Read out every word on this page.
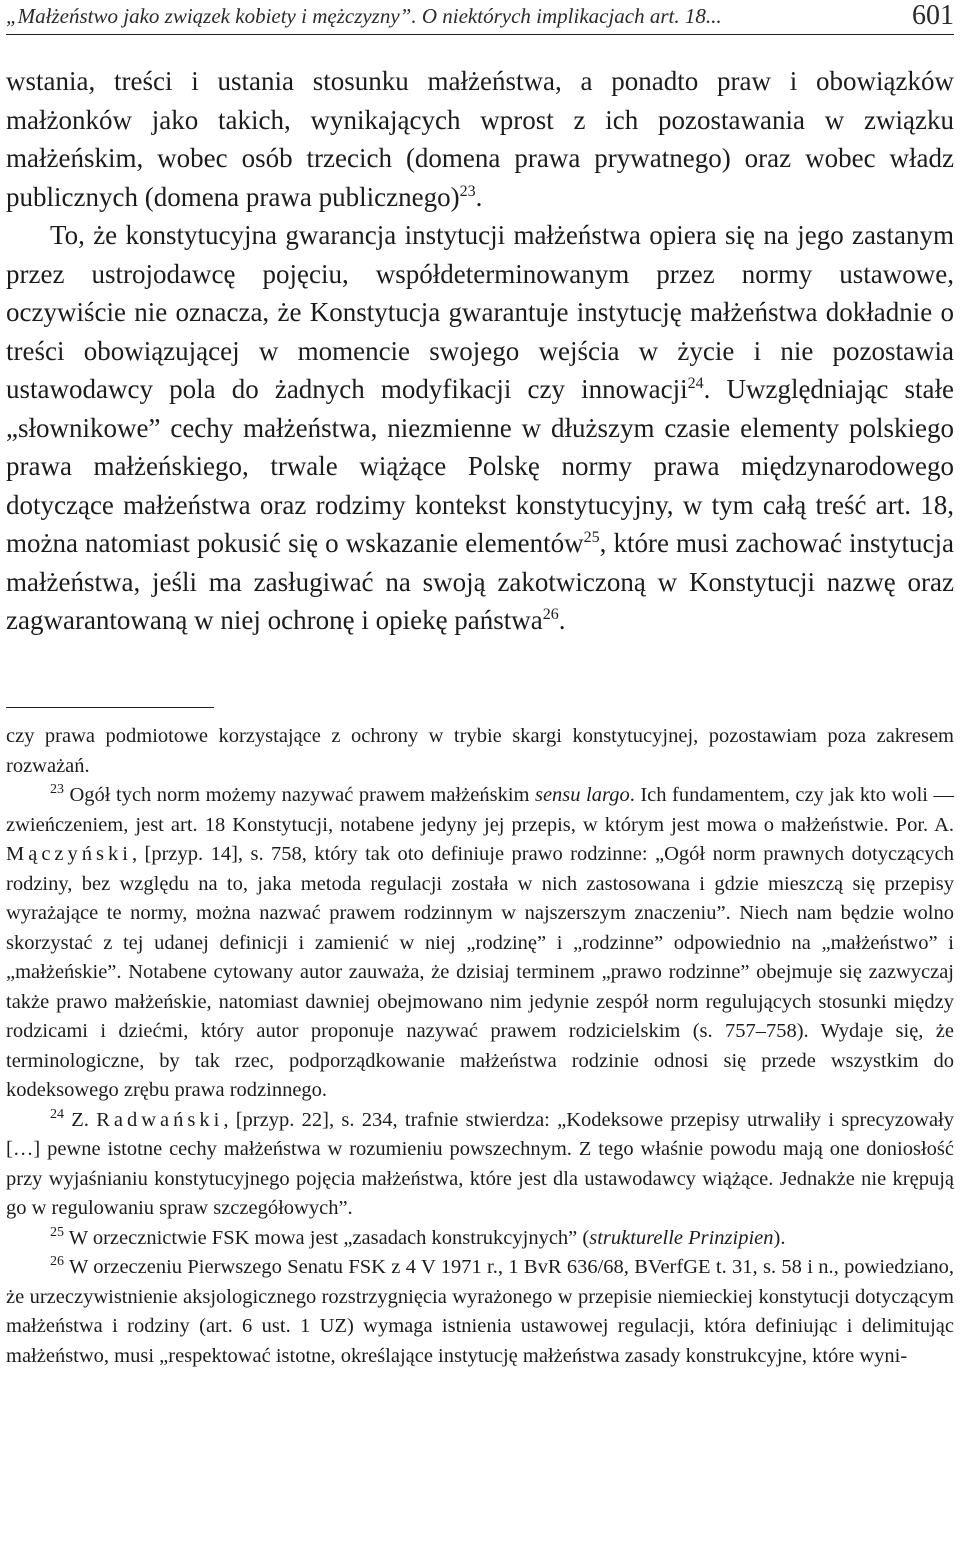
„Małżeństwo jako związek kobiety i mężczyzny”. O niektórych implikacjach art. 18...	601

wstania, treści i ustania stosunku małżeństwa, a ponadto praw i obowiązków małżonków jako takich, wynikających wprost z ich pozostawania w związku małżeńskim, wobec osób trzecich (domena prawa prywatnego) oraz wobec władz publicznych (domena prawa publicznego)$^{23}$.

To, że konstytucyjna gwarancja instytucji małżeństwa opiera się na jego zastanym przez ustrojodawcę pojęciu, współdeterminowanym przez normy ustawowe, oczywiście nie oznacza, że Konstytucja gwarantuje instytucję małżeństwa dokładnie o treści obowiązującej w momencie swojego wejścia w życie i nie pozostawia ustawodawcy pola do żadnych modyfikacji czy innowacji$^{24}$. Uwzględniając stałe „słownikowe” cechy małżeństwa, niezmienne w dłuższym czasie elementy polskiego prawa małżeńskiego, trwale wiążące Polskę normy prawa międzynarodowego dotyczące małżeństwa oraz rodzimy kontekst konstytucyjny, w tym całą treść art. 18, można natomiast pokusić się o wskazanie elementów$^{25}$, które musi zachować instytucja małżeństwa, jeśli ma zasługiwać na swoją zakotwiczoną w Konstytucji nazwę oraz zagwarantowaną w niej ochronę i opiekę państwa$^{26}$.

czy prawa podmiotowe korzystające z ochrony w trybie skargi konstytucyjnej, pozostawiam poza zakresem rozważań.

$^{23}$ Ogół tych norm możemy nazywać prawem małżeńskim sensu largo. Ich fundamentem, czy jak kto woli —zwieńczeniem, jest art. 18 Konstytucji, notabene jedyny jej przepis, w którym jest mowa o małżeństwie. Por. A. Mączyński, [przyp. 14], s. 758, który tak oto definiuje prawo rodzinne: „Ogół norm prawnych dotyczących rodziny, bez względu na to, jaka metoda regulacji została w nich zastosowana i gdzie mieszczą się przepisy wyrażające te normy, można nazwać prawem rodzinnym w najszerszym znaczeniu”. Niech nam będzie wolno skorzystać z tej udanej definicji i zamienić w niej „rodzinę” i „rodzinne” odpowiednio na „małżeństwo” i „małżeńskie”. Notabene cytowany autor zauważa, że dzisiaj terminem „prawo rodzinne” obejmuje się zazwyczaj także prawo małżeńskie, natomiast dawniej obejmowano nim jedynie zespół norm regulujących stosunki między rodzicami i dziećmi, który autor proponuje nazywać prawem rodzicielskim (s. 757–758). Wydaje się, że terminologiczne, by tak rzec, podporządkowanie małżeństwa rodzinie odnosi się przede wszystkim do kodeksowego zrębu prawa rodzinnego.

$^{24}$ Z. Radwański, [przyp. 22], s. 234, trafnie stwierdza: „Kodeksowe przepisy utrwaliły i sprecyzowały […] pewne istotne cechy małżeństwa w rozumieniu powszechnym. Z tego właśnie powodu mają one doniosłość przy wyjaśnianiu konstytucyjnego pojęcia małżeństwa, które jest dla ustawodawcy wiążące. Jednakże nie krępują go w regulowaniu spraw szczegółowych”.

$^{25}$ W orzecznictwie FSK mowa jest „zasadach konstrukcyjnych” (strukturelle Prinzipien).

$^{26}$ W orzeczeniu Pierwszego Senatu FSK z 4 V 1971 r., 1 BvR 636/68, BVerfGE t. 31, s. 58 i n., powiedziano, że urzeczywistnienie aksjologicznego rozstrzygnięcia wyrażonego w przepisie niemieckiej konstytucji dotyczącym małżeństwa i rodziny (art. 6 ust. 1 UZ) wymaga istnienia ustawowej regulacji, która definiując i delimitując małżeństwo, musi „respektować istotne, określające instytucję małżeństwa zasady konstrukcyjne, które wyni-
